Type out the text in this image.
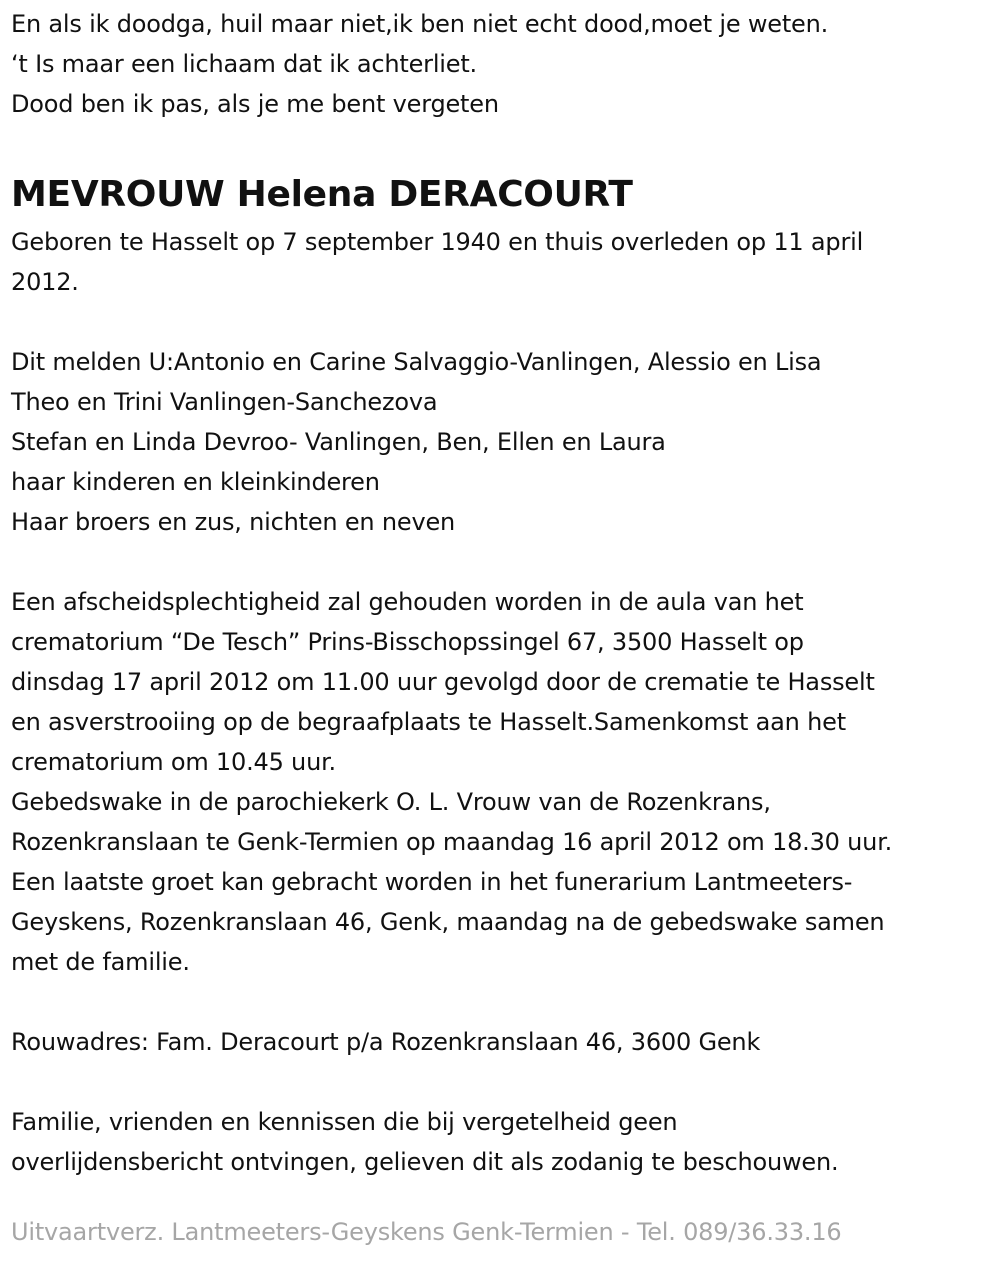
En als ik doodga, huil maar niet,ik ben niet echt dood,moet je weten.
‘t Is maar een lichaam dat ik achterliet.
Dood ben ik pas, als je me bent vergeten
MEVROUW Helena DERACOURT
Geboren te Hasselt op 7 september 1940 en thuis overleden op 11 april
2012.
Dit melden U:Antonio en Carine Salvaggio-Vanlingen, Alessio en Lisa
Theo en Trini Vanlingen-Sanchezova
Stefan en Linda Devroo- Vanlingen, Ben, Ellen en Laura
haar kinderen en kleinkinderen
Haar broers en zus, nichten en neven
Een afscheidsplechtigheid zal gehouden worden in de aula van het
crematorium “De Tesch” Prins-Bisschopssingel 67, 3500 Hasselt op
dinsdag 17 april 2012 om 11.00 uur gevolgd door de crematie te Hasselt
en asverstrooiing op de begraafplaats te Hasselt.Samenkomst aan het
crematorium om 10.45 uur.
Gebedswake in de parochiekerk O. L. Vrouw van de Rozenkrans,
Rozenkranslaan te Genk-Termien op maandag 16 april 2012 om 18.30 uur.
Een laatste groet kan gebracht worden in het funerarium Lantmeeters-
Geyskens, Rozenkranslaan 46, Genk, maandag na de gebedswake samen
met de familie.
Rouwadres: Fam. Deracourt p/a Rozenkranslaan 46, 3600 Genk
Familie, vrienden en kennissen die bij vergetelheid geen
overlijdensbericht ontvingen, gelieven dit als zodanig te beschouwen.
Uitvaartverz. Lantmeeters-Geyskens Genk-Termien - Tel. 089/36.33.16
